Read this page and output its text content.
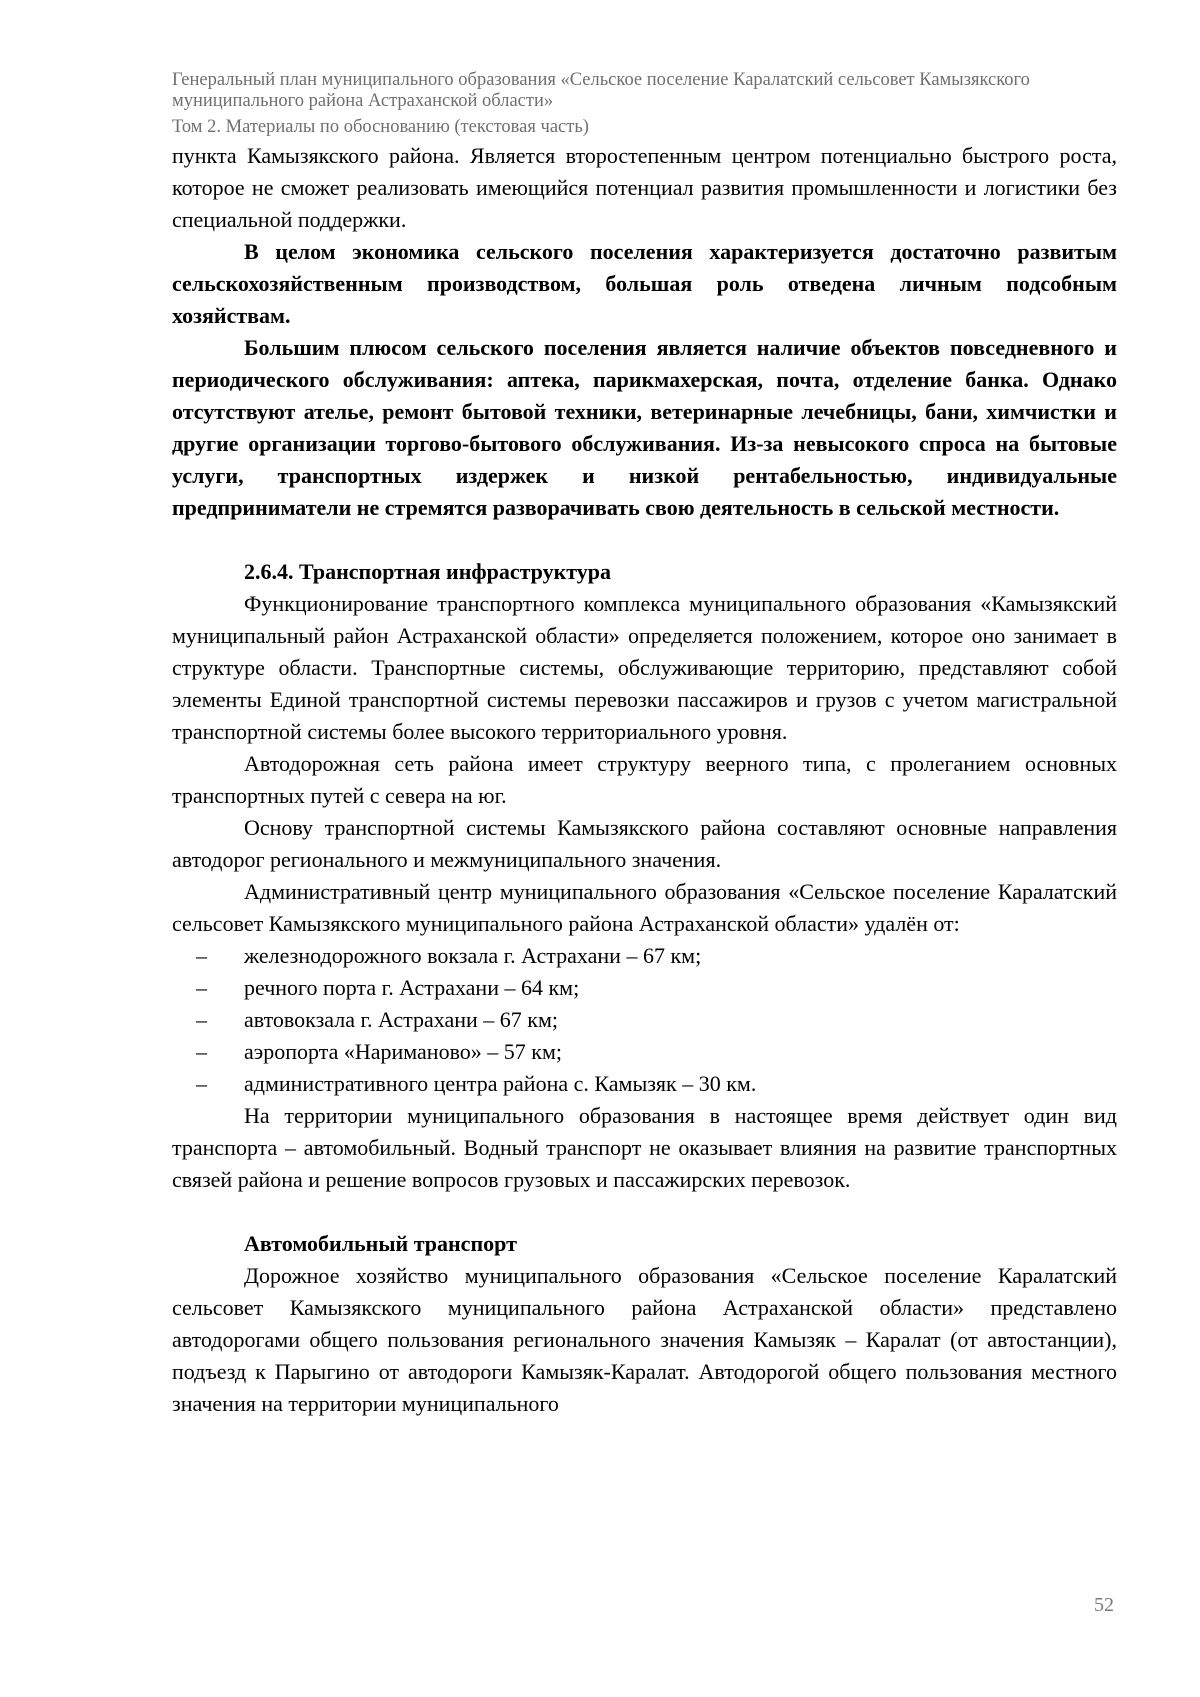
Генеральный план муниципального образования «Сельское поселение Каралатский сельсовет Камызякского
муниципального района Астраханской области»
Том 2. Материалы по обоснованию (текстовая часть)

пункта Камызякского района. Является второстепенным центром потенциально быстрого роста, которое не сможет реализовать имеющийся потенциал развития промышленности и логистики без специальной поддержки.

В целом экономика сельского поселения характеризуется достаточно развитым сельскохозяйственным производством, большая роль отведена личным подсобным хозяйствам.

Большим плюсом сельского поселения является наличие объектов повседневного и периодического обслуживания: аптека, парикмахерская, почта, отделение банка. Однако отсутствуют ателье, ремонт бытовой техники, ветеринарные лечебницы, бани, химчистки и другие организации торгово-бытового обслуживания. Из-за невысокого спроса на бытовые услуги, транспортных издержек и низкой рентабельностью, индивидуальные предприниматели не стремятся разворачивать свою деятельность в сельской местности.

2.6.4. Транспортная инфраструктура

Функционирование транспортного комплекса муниципального образования «Камызякский муниципальный район Астраханской области» определяется положением, которое оно занимает в структуре области. Транспортные системы, обслуживающие территорию, представляют собой элементы Единой транспортной системы перевозки пассажиров и грузов с учетом магистральной транспортной системы более высокого территориального уровня.

Автодорожная сеть района имеет структуру веерного типа, с пролеганием основных транспортных путей с севера на юг.

Основу транспортной системы Камызякского района составляют основные направления автодорог регионального и межмуниципального значения.

Административный центр муниципального образования «Сельское поселение Каралатский сельсовет Камызякского муниципального района Астраханской области» удалён от:

– железнодорожного вокзала г. Астрахани – 67 км;
– речного порта г. Астрахани – 64 км;
– автовокзала г. Астрахани – 67 км;
– аэропорта «Нариманово» – 57 км;
– административного центра района с. Камызяк – 30 км.

На территории муниципального образования в настоящее время действует один вид транспорта – автомобильный. Водный транспорт не оказывает влияния на развитие транспортных связей района и решение вопросов грузовых и пассажирских перевозок.

Автомобильный транспорт

Дорожное хозяйство муниципального образования «Сельское поселение Каралатский сельсовет Камызякского муниципального района Астраханской области» представлено автодорогами общего пользования регионального значения Камызяк – Каралат (от автостанции), подъезд к Парыгино от автодороги Камызяк-Каралат. Автодорогой общего пользования местного значения на территории муниципального

52
